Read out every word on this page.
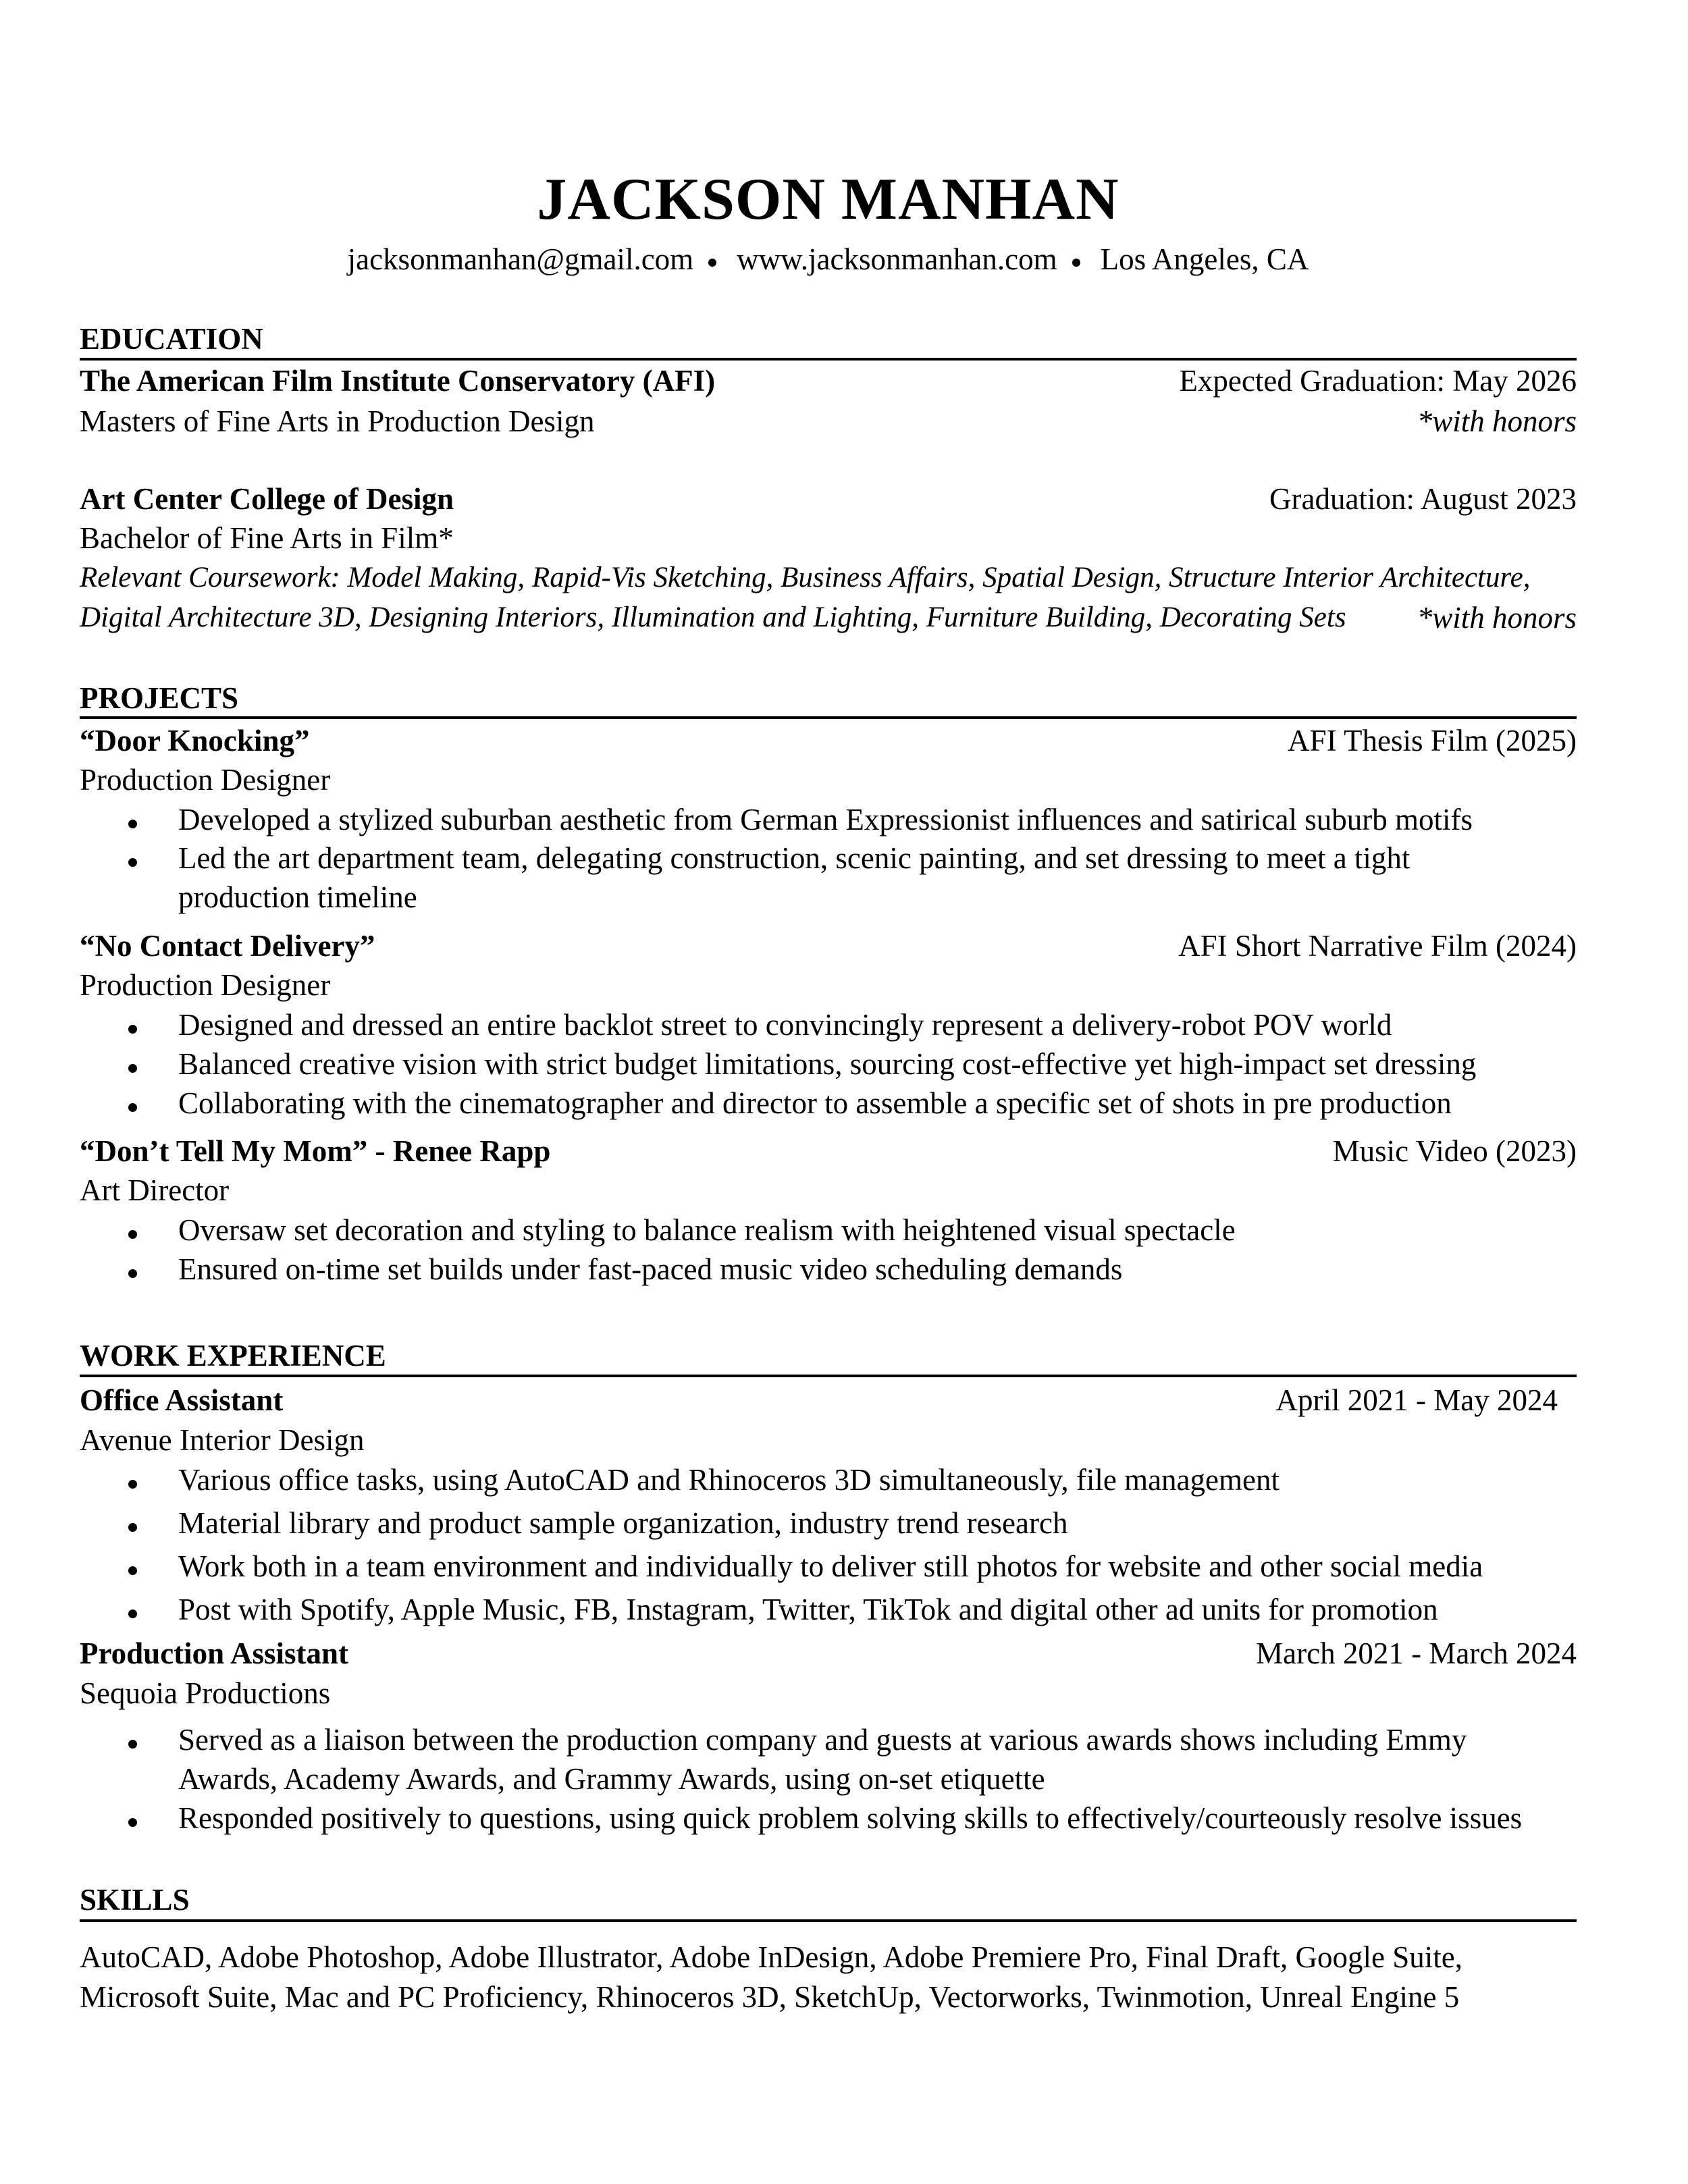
JACKSON MANHAN
jacksonmanhan@gmail.com www.jacksonmanhan.com Los Angeles, CA
EDUCATION
The American Film Institute Conservatory (AFI)	Expected Graduation: May 2026
Masters of Fine Arts in Production Design	*with honors
Art Center College of Design	Graduation: August 2023
Bachelor of Fine Arts in Film*
Relevant Coursework: Model Making, Rapid-Vis Sketching, Business Affairs, Spatial Design, Structure Interior Architecture,
Digital Architecture 3D, Designing Interiors, Illumination and Lighting, Furniture Building, Decorating Sets *with honors
PROJECTS
“Door Knocking”	AFI Thesis Film (2025)
Production Designer
Developed a stylized suburban aesthetic from German Expressionist influences and satirical suburb motifs
Led the art department team, delegating construction, scenic painting, and set dressing to meet a tight
production timeline
“No Contact Delivery”	AFI Short Narrative Film (2024)
Production Designer
Designed and dressed an entire backlot street to convincingly represent a delivery-robot POV world
Balanced creative vision with strict budget limitations, sourcing cost-effective yet high-impact set dressing
Collaborating with the cinematographer and director to assemble a specific set of shots in pre production
“Don’t Tell My Mom” - Renee Rapp	Music Video (2023)
Art Director
Oversaw set decoration and styling to balance realism with heightened visual spectacle
Ensured on-time set builds under fast-paced music video scheduling demands
WORK EXPERIENCE
Office Assistant	April 2021 - May 2024
Avenue Interior Design
Various office tasks, using AutoCAD and Rhinoceros 3D simultaneously, file management
Material library and product sample organization, industry trend research
Work both in a team environment and individually to deliver still photos for website and other social media
Post with Spotify, Apple Music, FB, Instagram, Twitter, TikTok and digital other ad units for promotion
Production Assistant	March 2021 - March 2024
Sequoia Productions
Served as a liaison between the production company and guests at various awards shows including Emmy
Awards, Academy Awards, and Grammy Awards, using on-set etiquette
Responded positively to questions, using quick problem solving skills to effectively/courteously resolve issues
SKILLS
AutoCAD, Adobe Photoshop, Adobe Illustrator, Adobe InDesign, Adobe Premiere Pro, Final Draft, Google Suite,
Microsoft Suite, Mac and PC Proficiency, Rhinoceros 3D, SketchUp, Vectorworks, Twinmotion, Unreal Engine 5
